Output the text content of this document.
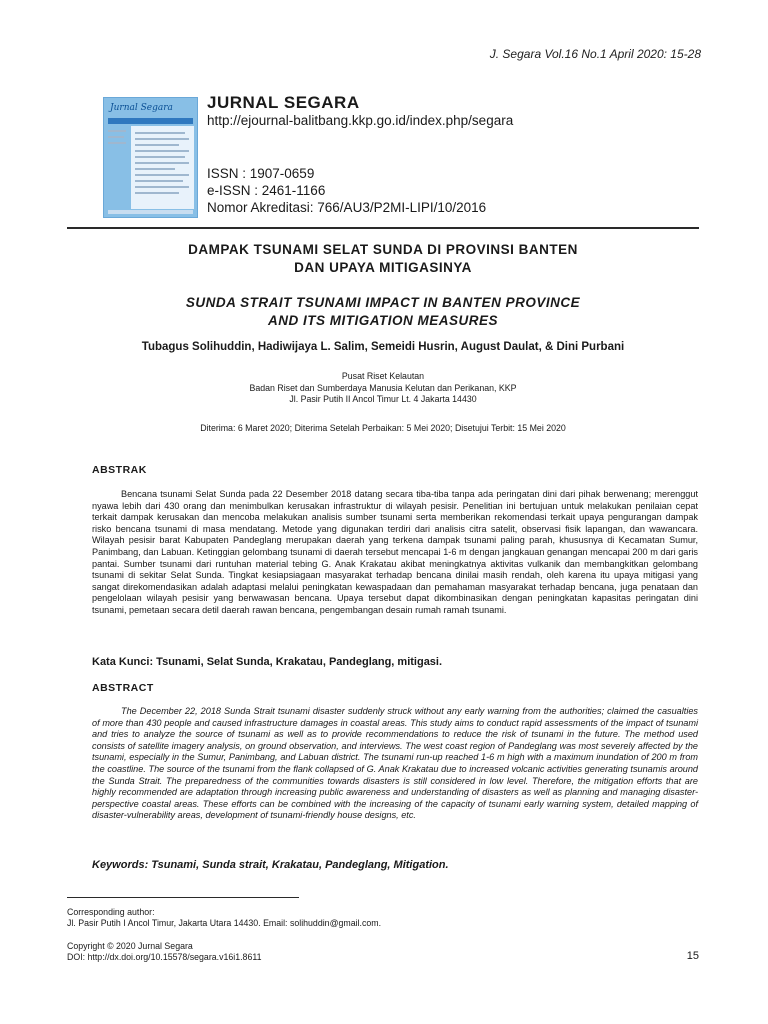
J. Segara Vol.16 No.1 April 2020: 15-28
Jurnal Segara JURNAL SEGARA
http://ejournal-balitbang.kkp.go.id/index.php/segara
ISSN : 1907-0659
e-ISSN : 2461-1166
Nomor Akreditasi: 766/AU3/P2MI-LIPI/10/2016
DAMPAK TSUNAMI SELAT SUNDA DI PROVINSI BANTEN
DAN UPAYA MITIGASINYA
SUNDA STRAIT TSUNAMI IMPACT IN BANTEN PROVINCE
AND ITS MITIGATION MEASURES
Tubagus Solihuddin, Hadiwijaya L. Salim, Semeidi Husrin, August Daulat, & Dini Purbani
Pusat Riset Kelautan
Badan Riset dan Sumberdaya Manusia Kelutan dan Perikanan, KKP
Jl. Pasir Putih II Ancol Timur Lt. 4 Jakarta 14430
Diterima: 6 Maret 2020; Diterima Setelah Perbaikan: 5 Mei 2020; Disetujui Terbit: 15 Mei 2020
ABSTRAK
Bencana tsunami Selat Sunda pada 22 Desember 2018 datang secara tiba-tiba tanpa ada peringatan dini dari pihak berwenang; merenggut nyawa lebih dari 430 orang dan menimbulkan kerusakan infrastruktur di wilayah pesisir. Penelitian ini bertujuan untuk melakukan penilaian cepat terkait dampak kerusakan dan mencoba melakukan analisis sumber tsunami serta memberikan rekomendasi terkait upaya pengurangan dampak risko bencana tsunami di masa mendatang. Metode yang digunakan terdiri dari analisis citra satelit, observasi fisik lapangan, dan wawancara. Wilayah pesisir barat Kabupaten Pandeglang merupakan daerah yang terkena dampak tsunami paling parah, khususnya di Kecamatan Sumur, Panimbang, dan Labuan. Ketinggian gelombang tsunami di daerah tersebut mencapai 1-6 m dengan jangkauan genangan mencapai 200 m dari garis pantai. Sumber tsunami dari runtuhan material tebing G. Anak Krakatau akibat meningkatnya aktivitas vulkanik dan membangkitkan gelombang tsunami di sekitar Selat Sunda. Tingkat kesiapsiagaan masyarakat terhadap bencana dinilai masih rendah, oleh karena itu upaya mitigasi yang sangat direkomendasikan adalah adaptasi melalui peningkatan kewaspadaan dan pemahaman masyarakat terhadap bencana, juga penataan dan pengelolaan wilayah pesisir yang berwawasan bencana. Upaya tersebut dapat dikombinasikan dengan peningkatan kapasitas peringatan dini tsunami, pemetaan secara detil daerah rawan bencana, pengembangan desain rumah ramah tsunami.
Kata Kunci: Tsunami, Selat Sunda, Krakatau, Pandeglang, mitigasi.
ABSTRACT
The December 22, 2018 Sunda Strait tsunami disaster suddenly struck without any early warning from the authorities; claimed the casualties of more than 430 people and caused infrastructure damages in coastal areas. This study aims to conduct rapid assessments of the impact of tsunami and tries to analyze the source of tsunami as well as to provide recommendations to reduce the risk of tsunami in the future. The method used consists of satellite imagery analysis, on ground observation, and interviews. The west coast region of Pandeglang was most severely affected by the tsunami, especially in the Sumur, Panimbang, and Labuan district. The tsunami run-up reached 1-6 m high with a maximum inundation of 200 m from the coastline. The source of the tsunami from the flank collapsed of G. Anak Krakatau due to increased volcanic activities generating tsunamis around the Sunda Strait. The preparedness of the communities towards disasters is still considered in low level. Therefore, the mitigation efforts that are highly recommended are adaptation through increasing public awareness and understanding of disasters as well as planning and managing disaster-perspective coastal areas. These efforts can be combined with the increasing of the capacity of tsunami early warning system, detailed mapping of disaster-vulnerability areas, development of tsunami-friendly house designs, etc.
Keywords: Tsunami, Sunda strait, Krakatau, Pandeglang, Mitigation.
Corresponding author:
Jl. Pasir Putih I Ancol Timur, Jakarta Utara 14430. Email: solihuddin@gmail.com.
Copyright © 2020 Jurnal Segara
DOI: http://dx.doi.org/10.15578/segara.v16i1.8611	15
